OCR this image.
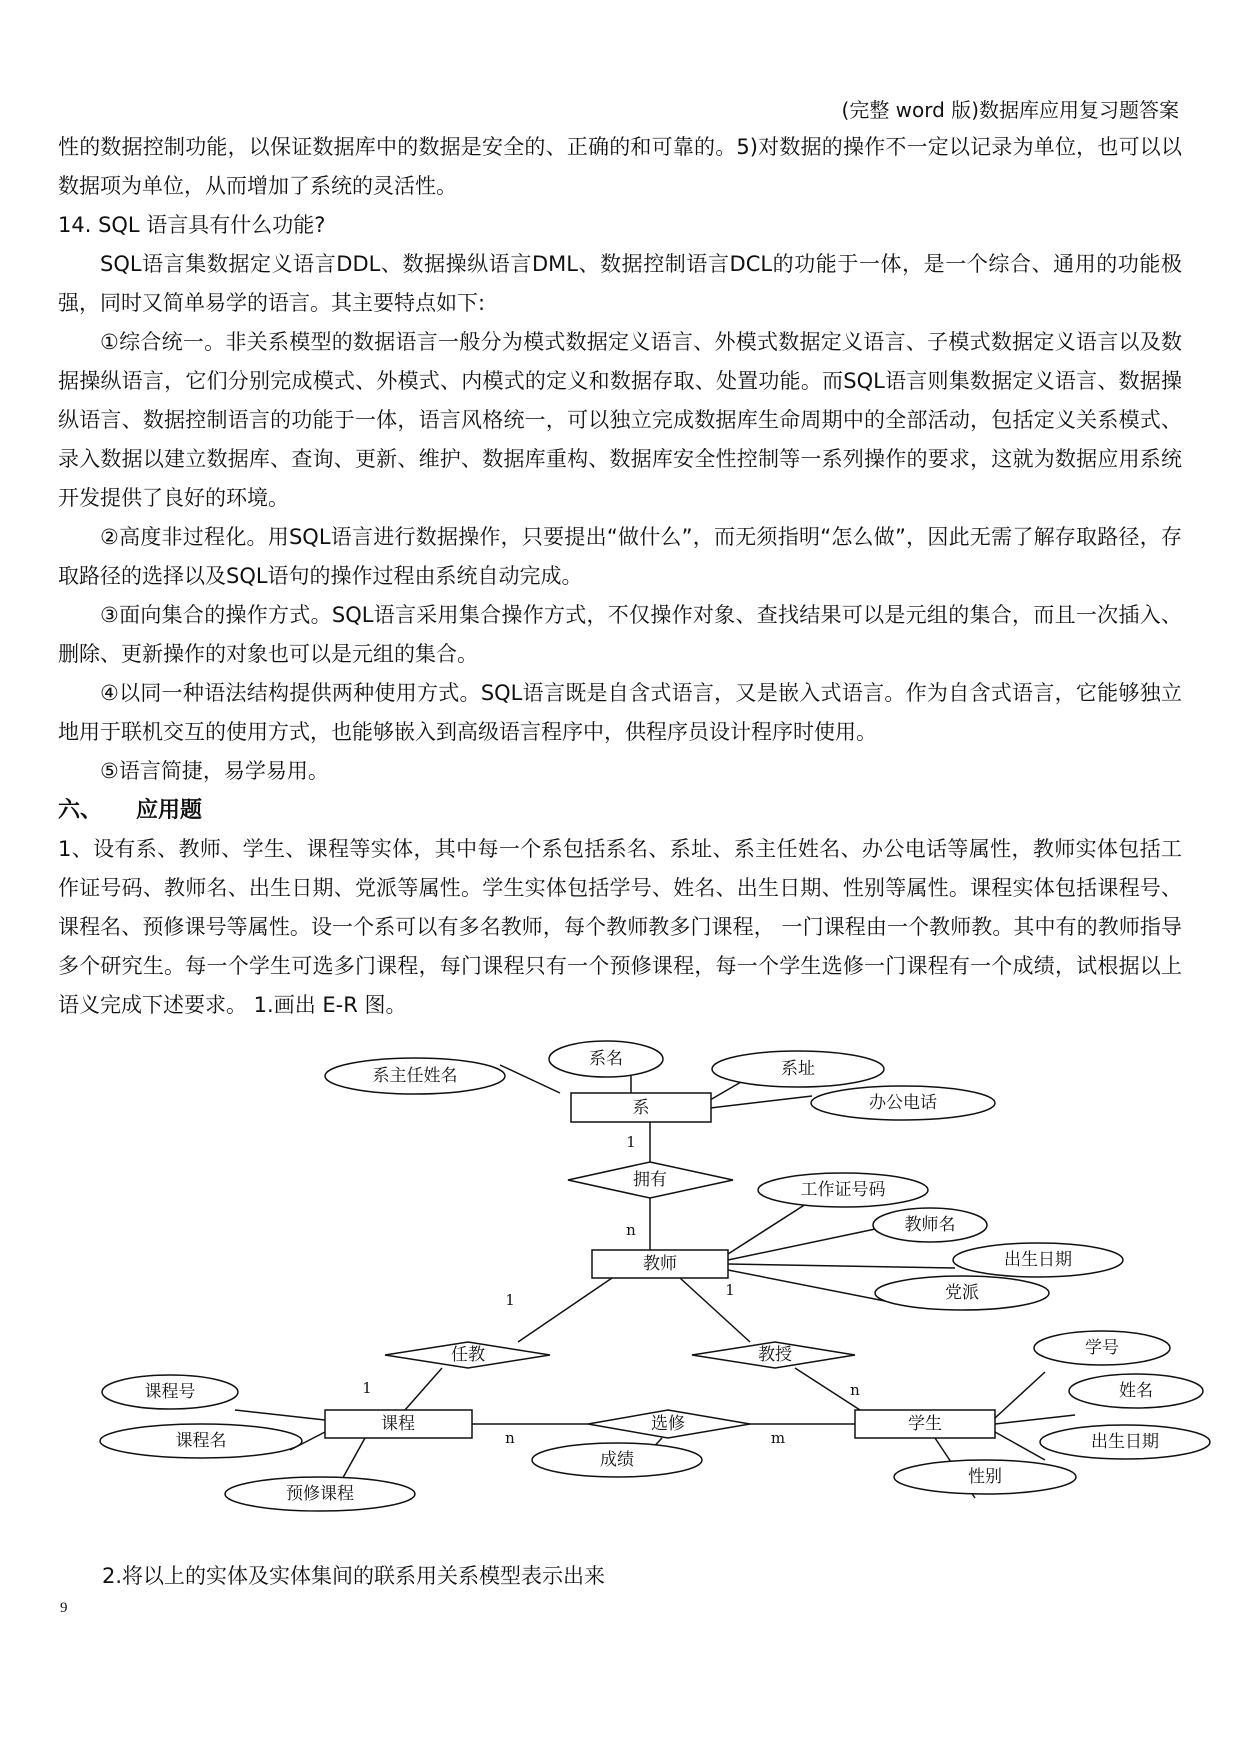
(完整 word 版)数据库应用复习题答案

性的数据控制功能，以保证数据库中的数据是安全的、正确的和可靠的。5)对数据的操作不一定以记录为单位，也可以以数据项为单位，从而增加了系统的灵活性。

14. SQL 语言具有什么功能?

SQL语言集数据定义语言DDL、数据操纵语言DML、数据控制语言DCL的功能于一体，是一个综合、通用的功能极强，同时又简单易学的语言。其主要特点如下:

①综合统一。非关系模型的数据语言一般分为模式数据定义语言、外模式数据定义语言、子模式数据定义语言以及数据操纵语言，它们分别完成模式、外模式、内模式的定义和数据存取、处置功能。而SQL语言则集数据定义语言、数据操纵语言、数据控制语言的功能于一体，语言风格统一，可以独立完成数据库生命周期中的全部活动，包括定义关系模式、录入数据以建立数据库、查询、更新、维护、数据库重构、数据库安全性控制等一系列操作的要求，这就为数据应用系统开发提供了良好的环境。

②高度非过程化。用SQL语言进行数据操作，只要提出“做什么”，而无须指明“怎么做”，因此无需了解存取路径，存取路径的选择以及SQL语句的操作过程由系统自动完成。

③面向集合的操作方式。SQL语言采用集合操作方式，不仅操作对象、查找结果可以是元组的集合，而且一次插入、删除、更新操作的对象也可以是元组的集合。

④以同一种语法结构提供两种使用方式。SQL语言既是自含式语言，又是嵌入式语言。作为自含式语言，它能够独立地用于联机交互的使用方式，也能够嵌入到高级语言程序中，供程序员设计程序时使用。

⑤语言简捷，易学易用。

六、 应用题

1、设有系、教师、学生、课程等实体，其中每一个系包括系名、系址、系主任姓名、办公电话等属性，教师实体包括工作证号码、教师名、出生日期、党派等属性。学生实体包括学号、姓名、出生日期、性别等属性。课程实体包括课程号、课程名、预修课号等属性。设一个系可以有多名教师，每个教师教多门课程， 一门课程由一个教师教。其中有的教师指导多个研究生。每一个学生可选多门课程，每门课程只有一个预修课程，每一个学生选修一门课程有一个成绩，试根据以上语义完成下述要求。 1.画出 E-R 图。

系
教师
课程	学生
拥有
任教	教授
选修
系名
系主任姓名	系址
办公电话
工作证号码
教师名
出生日期
党派
课程号
课程名
预修课程
成绩
学号
姓名
出生日期
性别
1
n
1
1
1
n
n	m
2.将以上的实体及实体集间的联系用关系模型表示出来
9
